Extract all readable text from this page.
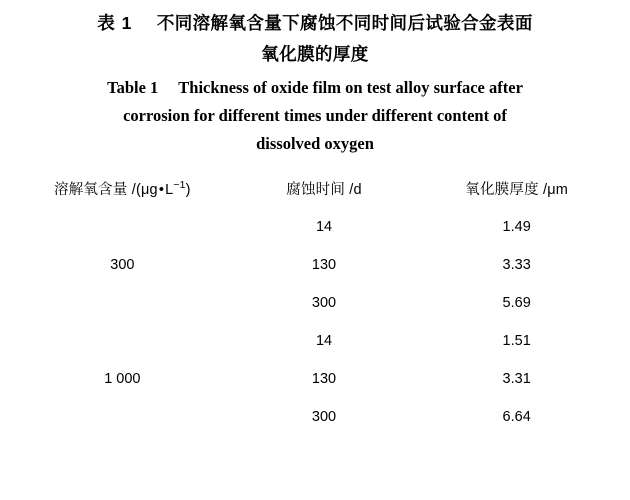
表 1 不同溶解氧含量下腐蚀不同时间后试验合金表面
氧化膜的厚度
Table 1 Thickness of oxide film on test alloy surface after
corrosion for different times under different content of
dissolved oxygen
溶解氧含量 $/(\mu g•L^{-1})$	腐蚀时间 /d	氧化膜厚度 /μm
300	14	1.49
	130	3.33
	300	5.69
1 000	14	1.51
	130	3.31
	300	6.64
